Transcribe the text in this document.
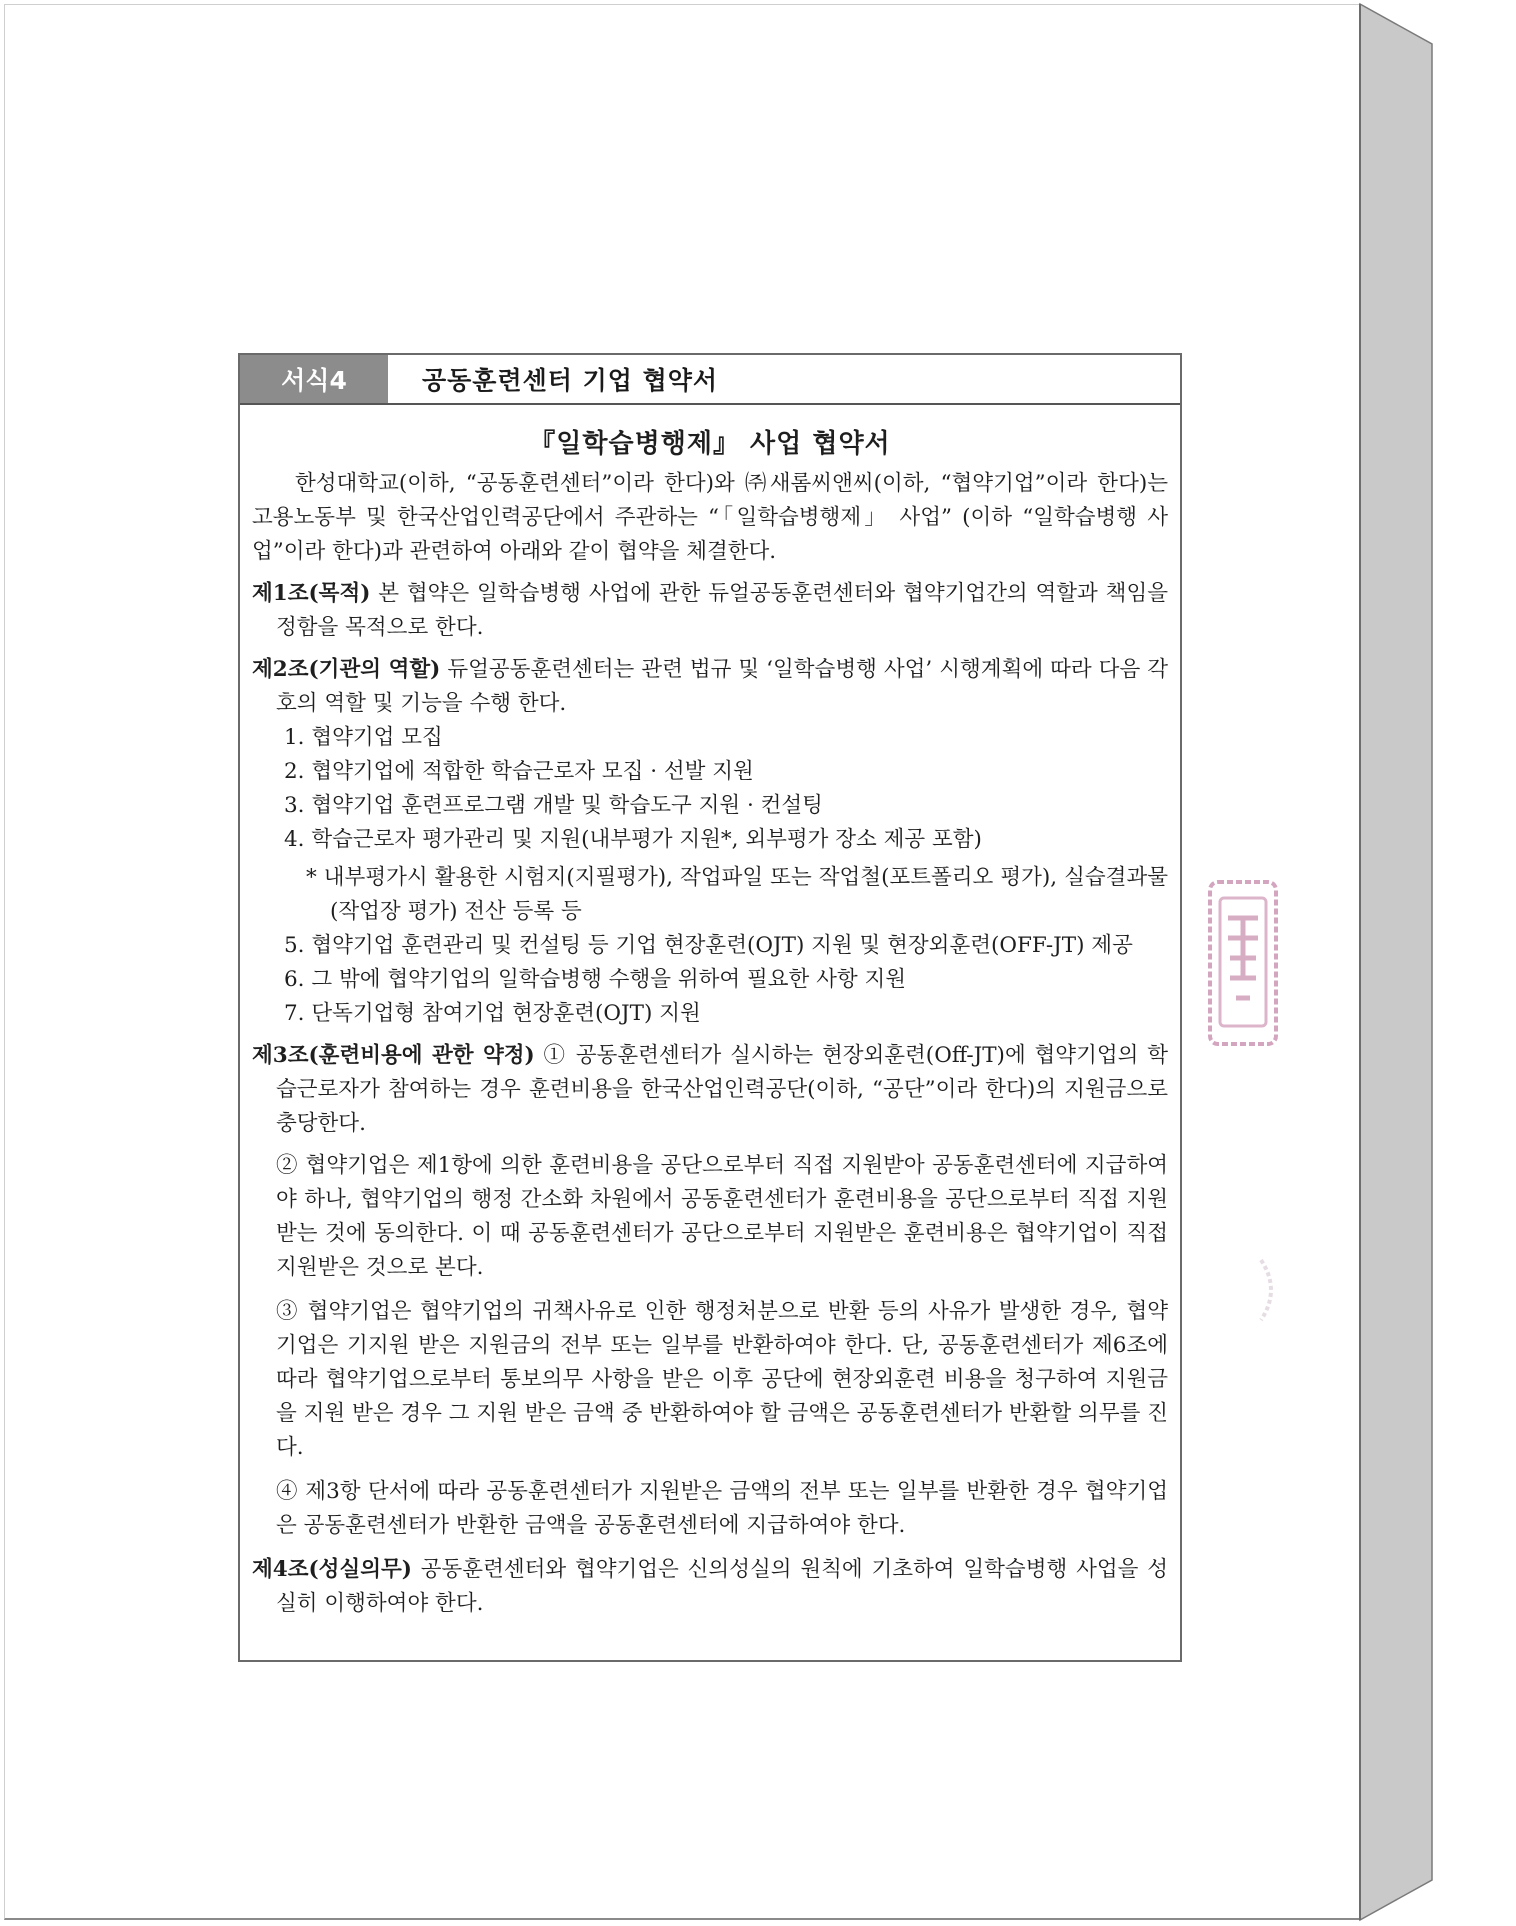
서식4	공동훈련센터 기업 협약서
『일학습병행제』 사업 협약서

한성대학교(이하, “공동훈련센터”이라 한다)와 ㈜새롬씨앤씨(이하, “협약기업”이라 한다)는 고용노동부 및 한국산업인력공단에서 주관하는 “「일학습병행제」 사업” (이하 “일학습병행 사업”이라 한다)과 관련하여 아래와 같이 협약을 체결한다.

제1조(목적) 본 협약은 일학습병행 사업에 관한 듀얼공동훈련센터와 협약기업간의 역할과 책임을 정함을 목적으로 한다.

제2조(기관의 역할) 듀얼공동훈련센터는 관련 법규 및 ‘일학습병행 사업’ 시행계획에 따라 다음 각 호의 역할 및 기능을 수행 한다.

1. 협약기업 모집
2. 협약기업에 적합한 학습근로자 모집 · 선발 지원
3. 협약기업 훈련프로그램 개발 및 학습도구 지원 · 컨설팅
4. 학습근로자 평가관리 및 지원(내부평가 지원*, 외부평가 장소 제공 포함)

* 내부평가시 활용한 시험지(지필평가), 작업파일 또는 작업철(포트폴리오 평가), 실습결과물(작업장 평가) 전산 등록 등

5. 협약기업 훈련관리 및 컨설팅 등 기업 현장훈련(OJT) 지원 및 현장외훈련(OFF-JT) 제공
6. 그 밖에 협약기업의 일학습병행 수행을 위하여 필요한 사항 지원
7. 단독기업형 참여기업 현장훈련(OJT) 지원

제3조(훈련비용에 관한 약정) ① 공동훈련센터가 실시하는 현장외훈련(Off-JT)에 협약기업의 학습근로자가 참여하는 경우 훈련비용을 한국산업인력공단(이하, “공단”이라 한다)의 지원금으로 충당한다.

② 협약기업은 제1항에 의한 훈련비용을 공단으로부터 직접 지원받아 공동훈련센터에 지급하여야 하나, 협약기업의 행정 간소화 차원에서 공동훈련센터가 훈련비용을 공단으로부터 직접 지원받는 것에 동의한다. 이 때 공동훈련센터가 공단으로부터 지원받은 훈련비용은 협약기업이 직접 지원받은 것으로 본다.

③ 협약기업은 협약기업의 귀책사유로 인한 행정처분으로 반환 등의 사유가 발생한 경우, 협약기업은 기지원 받은 지원금의 전부 또는 일부를 반환하여야 한다. 단, 공동훈련센터가 제6조에 따라 협약기업으로부터 통보의무 사항을 받은 이후 공단에 현장외훈련 비용을 청구하여 지원금을 지원 받은 경우 그 지원 받은 금액 중 반환하여야 할 금액은 공동훈련센터가 반환할 의무를 진다.

④ 제3항 단서에 따라 공동훈련센터가 지원받은 금액의 전부 또는 일부를 반환한 경우 협약기업은 공동훈련센터가 반환한 금액을 공동훈련센터에 지급하여야 한다.

제4조(성실의무) 공동훈련센터와 협약기업은 신의성실의 원칙에 기초하여 일학습병행 사업을 성실히 이행하여야 한다.
